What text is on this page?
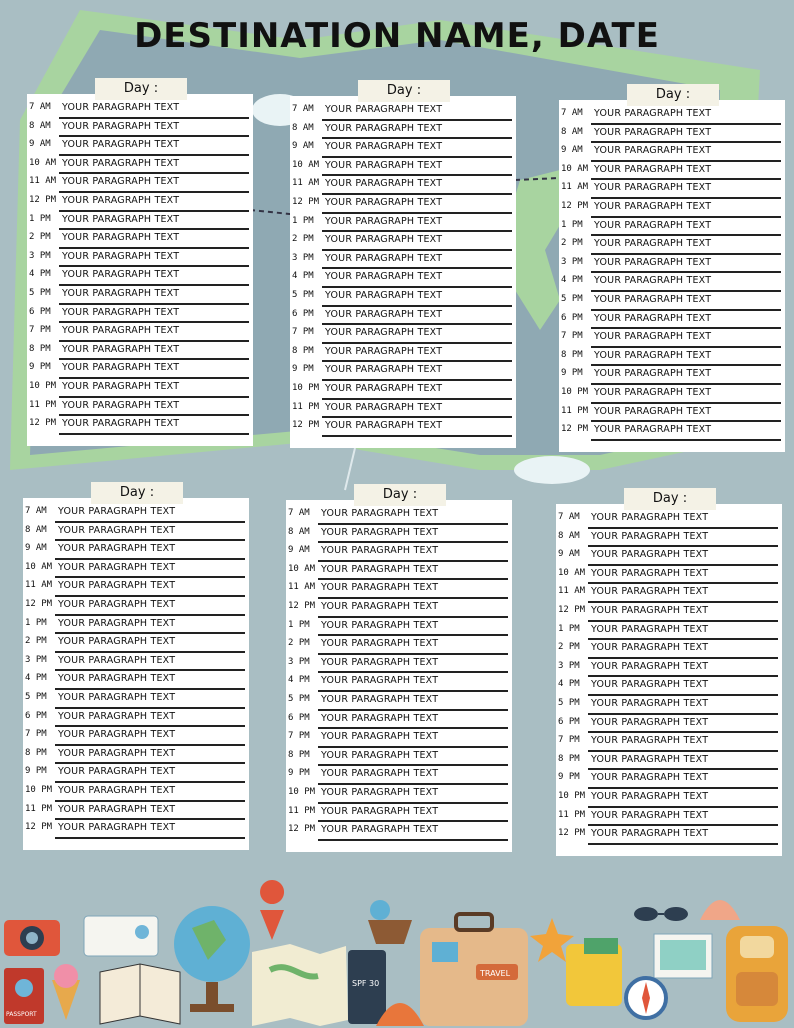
DESTINATION NAME, DATE
Day :
7 AM	YOUR PARAGRAPH TEXT
8 AM	YOUR PARAGRAPH TEXT
9 AM	YOUR PARAGRAPH TEXT
10 AM YOUR PARAGRAPH TEXT
11 AM YOUR PARAGRAPH TEXT
12 PM YOUR PARAGRAPH TEXT
1 PM	YOUR PARAGRAPH TEXT
2 PM	YOUR PARAGRAPH TEXT
3 PM	YOUR PARAGRAPH TEXT
4 PM	YOUR PARAGRAPH TEXT
5 PM	YOUR PARAGRAPH TEXT
6 PM	YOUR PARAGRAPH TEXT
7 PM	YOUR PARAGRAPH TEXT
8 PM	YOUR PARAGRAPH TEXT
9 PM	YOUR PARAGRAPH TEXT
10 PM YOUR PARAGRAPH TEXT
11 PM YOUR PARAGRAPH TEXT
12 PM YOUR PARAGRAPH TEXT
Day :
7 AM	YOUR PARAGRAPH TEXT
8 AM	YOUR PARAGRAPH TEXT
9 AM	YOUR PARAGRAPH TEXT
10 AM YOUR PARAGRAPH TEXT
11 AM YOUR PARAGRAPH TEXT
12 PM YOUR PARAGRAPH TEXT
1 PM	YOUR PARAGRAPH TEXT
2 PM	YOUR PARAGRAPH TEXT
3 PM	YOUR PARAGRAPH TEXT
4 PM	YOUR PARAGRAPH TEXT
5 PM	YOUR PARAGRAPH TEXT
6 PM	YOUR PARAGRAPH TEXT
7 PM	YOUR PARAGRAPH TEXT
8 PM	YOUR PARAGRAPH TEXT
9 PM	YOUR PARAGRAPH TEXT
10 PM YOUR PARAGRAPH TEXT
11 PM YOUR PARAGRAPH TEXT
12 PM YOUR PARAGRAPH TEXT
Day :
7 AM	YOUR PARAGRAPH TEXT
8 AM	YOUR PARAGRAPH TEXT
9 AM	YOUR PARAGRAPH TEXT
10 AM YOUR PARAGRAPH TEXT
11 AM YOUR PARAGRAPH TEXT
12 PM YOUR PARAGRAPH TEXT
1 PM	YOUR PARAGRAPH TEXT
2 PM	YOUR PARAGRAPH TEXT
3 PM	YOUR PARAGRAPH TEXT
4 PM	YOUR PARAGRAPH TEXT
5 PM	YOUR PARAGRAPH TEXT
6 PM	YOUR PARAGRAPH TEXT
7 PM	YOUR PARAGRAPH TEXT
8 PM	YOUR PARAGRAPH TEXT
9 PM	YOUR PARAGRAPH TEXT
10 PM YOUR PARAGRAPH TEXT
11 PM YOUR PARAGRAPH TEXT
12 PM YOUR PARAGRAPH TEXT
Day :
7 AM	YOUR PARAGRAPH TEXT
8 AM	YOUR PARAGRAPH TEXT
9 AM	YOUR PARAGRAPH TEXT
10 AM YOUR PARAGRAPH TEXT
11 AM YOUR PARAGRAPH TEXT
12 PM YOUR PARAGRAPH TEXT
1 PM	YOUR PARAGRAPH TEXT
2 PM	YOUR PARAGRAPH TEXT
3 PM	YOUR PARAGRAPH TEXT
4 PM	YOUR PARAGRAPH TEXT
5 PM	YOUR PARAGRAPH TEXT
6 PM	YOUR PARAGRAPH TEXT
7 PM	YOUR PARAGRAPH TEXT
8 PM	YOUR PARAGRAPH TEXT
9 PM	YOUR PARAGRAPH TEXT
10 PM YOUR PARAGRAPH TEXT
11 PM YOUR PARAGRAPH TEXT
12 PM YOUR PARAGRAPH TEXT
Day :
7 AM	YOUR PARAGRAPH TEXT
8 AM	YOUR PARAGRAPH TEXT
9 AM	YOUR PARAGRAPH TEXT
10 AM YOUR PARAGRAPH TEXT
11 AM YOUR PARAGRAPH TEXT
12 PM YOUR PARAGRAPH TEXT
1 PM	YOUR PARAGRAPH TEXT
2 PM	YOUR PARAGRAPH TEXT
3 PM	YOUR PARAGRAPH TEXT
4 PM	YOUR PARAGRAPH TEXT
5 PM	YOUR PARAGRAPH TEXT
6 PM	YOUR PARAGRAPH TEXT
7 PM	YOUR PARAGRAPH TEXT
8 PM	YOUR PARAGRAPH TEXT
9 PM	YOUR PARAGRAPH TEXT
10 PM YOUR PARAGRAPH TEXT
11 PM YOUR PARAGRAPH TEXT
12 PM YOUR PARAGRAPH TEXT
Day :
7 AM	YOUR PARAGRAPH TEXT
8 AM	YOUR PARAGRAPH TEXT
9 AM	YOUR PARAGRAPH TEXT
10 AM YOUR PARAGRAPH TEXT
11 AM YOUR PARAGRAPH TEXT
12 PM YOUR PARAGRAPH TEXT
1 PM	YOUR PARAGRAPH TEXT
2 PM	YOUR PARAGRAPH TEXT
3 PM	YOUR PARAGRAPH TEXT
4 PM	YOUR PARAGRAPH TEXT
5 PM	YOUR PARAGRAPH TEXT
6 PM	YOUR PARAGRAPH TEXT
7 PM	YOUR PARAGRAPH TEXT
8 PM	YOUR PARAGRAPH TEXT
9 PM	YOUR PARAGRAPH TEXT
10 PM YOUR PARAGRAPH TEXT
11 PM YOUR PARAGRAPH TEXT
12 PM YOUR PARAGRAPH TEXT
PASSPORT
SPF 30
TRAVEL
